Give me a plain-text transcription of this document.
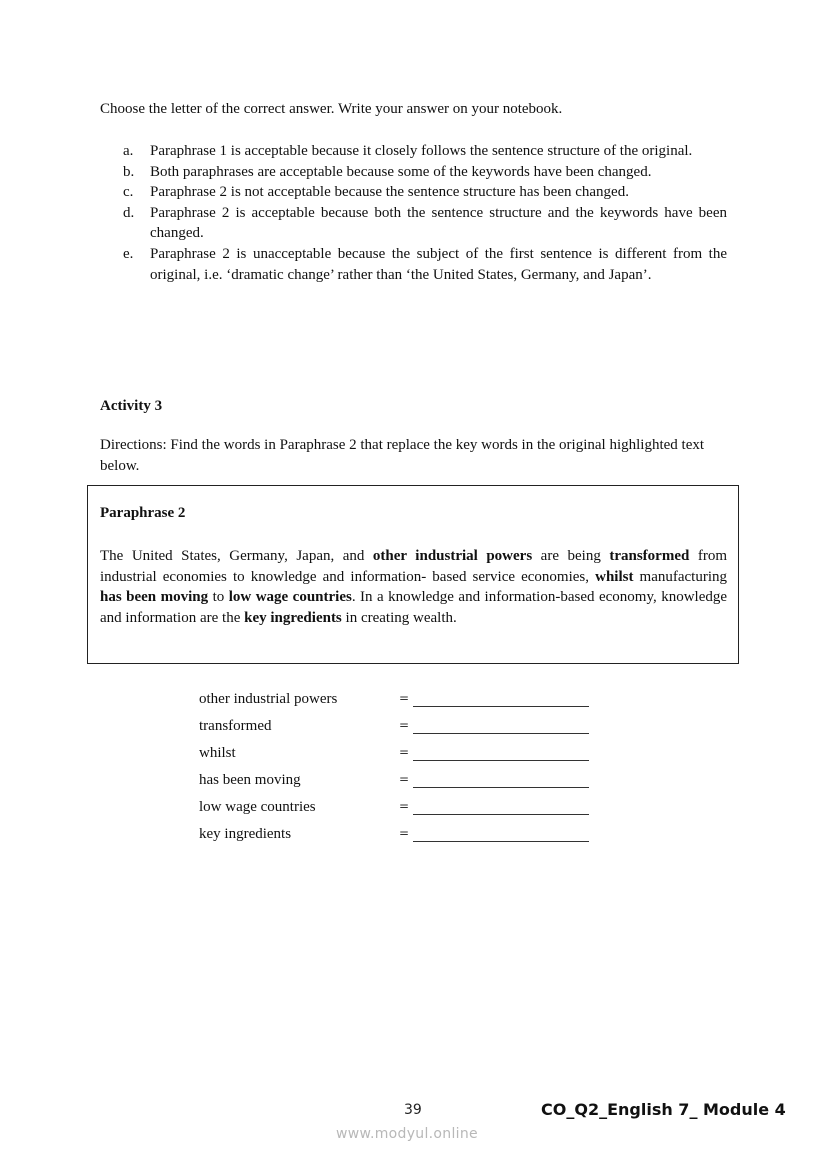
Choose the letter of the correct answer. Write your answer on your notebook.
a. Paraphrase 1 is acceptable because it closely follows the sentence structure of the original.
b. Both paraphrases are acceptable because some of the keywords have been changed.
c. Paraphrase 2 is not acceptable because the sentence structure has been changed.
d. Paraphrase 2 is acceptable because both the sentence structure and the keywords have been changed.
e. Paraphrase 2 is unacceptable because the subject of the first sentence is different from the original, i.e. ‘dramatic change’ rather than ‘the United States, Germany, and Japan’.
Activity 3
Directions: Find the words in Paraphrase 2 that replace the key words in the original highlighted text below.
Paraphrase 2
The United States, Germany, Japan, and other industrial powers are being transformed from industrial economies to knowledge and information- based service economies, whilst manufacturing has been moving to low wage countries. In a knowledge and information-based economy, knowledge and information are the key ingredients in creating wealth.
other industrial powers	=
transformed	=
whilst	=
has been moving	=
low wage countries	=
key ingredients	=
39	CO_Q2_English 7_ Module 4
www.modyul.online
